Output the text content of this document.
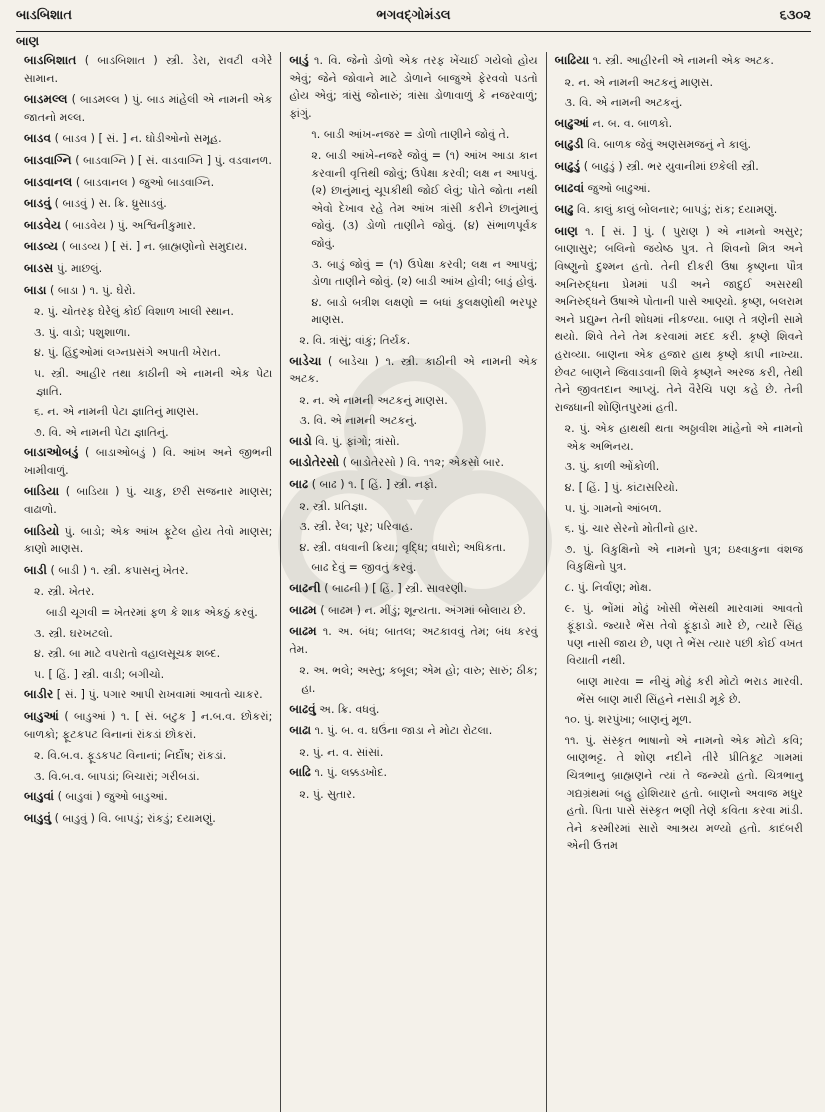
બાડબિશાત	ભગવદ્‌ગોમંડલ	૬૩૦૨
બાણ
બાડબિશાત ( બાડબિશાત ) સ્ત્રી. ડેરા, રાવટી વગેરે સામાન.
બાડમલ્લ ( બાડમલ્લ ) પું. બાડ માંહેલી એ નામની એક જાતનો મલ્લ.
બાડવ ( બાડવ ) [ સં. ] ન. ઘોડીઓનો સમૂહ.
બાડવાગ્નિ ( બાડવાગ્નિ ) [ સં. વાડવાગ્નિ ] પું. વડવાનળ.
બાડવાનલ ( બાડવાનલ ) જુઓ બાડવાગ્નિ.
બાડવું ( બાડવું ) સ. ક્રિ. ધ્રુસાડવું.
બાડવેય ( બાડવેય ) પું. અશ્વિનીકુમાર.
બાડવ્ય ( બાડવ્ય ) [ સં. ] ન. બ્રાહ્મણોનો સમુદાય.
બાડસ પું. માછલું.
બાડા ( બાડા ) ૧. પું. ઘેરો.
૨. પું. ચોતરફ ઘેરેલું કોઈ વિશાળ ખાલી સ્થાન.
૩. પું. વાડો; પશુશાળા.
૪. પું. હિંદુઓમાં લગ્નપ્રસંગે અપાતી ખેરાત.
૫. સ્ત્રી. આહીર તથા કાઠીની એ નામની એક પેટા જ્ઞાતિ.
૬. ન. એ નામની પેટા જ્ઞાતિનું માણસ.
૭. વિ. એ નામની પેટા જ્ઞાતિનું.
બાડાઓબડું ( બાડાઓબડું ) વિ. આંખ અને જીભની ખામીવાળું.
બાડિયા ( બાડિયા ) પું. ચાકુ, છરી સજનાર માણસ; વાઢાળો.
બાડિયો પું. બાડો; એક આંખ ફૂટેલ હોય તેવો માણસ; કાણો માણસ.
બાડી ( બાડી ) ૧. સ્ત્રી. કપાસનું ખેતર.
૨. સ્ત્રી. ખેતર.
બાડી ચૂગવી = ખેતરમાં ફળ કે શાક એકઠું કરવું.
૩. સ્ત્રી. ઘરખટલો.
૪. સ્ત્રી. બા માટે વપરાતો વહાલસૂચક શબ્દ.
૫. [ હિં. ] સ્ત્રી. વાડી; બગીચો.
બાડીર [ સં. ] પું. પગાર આપી રાખવામાં આવતો ચાકર.
બાડુઆં ( બાડુઆં ) ૧. [ સં. બટુક ] ન.બ.વ. છોકરાં; બાળકો; ફૂટકપટ વિનાનાં રાંકડાં છોકરાં.
૨. વિ.બ.વ. ફૂડકપટ વિનાનાં; નિર્દોષ; રાંકડાં.
૩. વિ.બ.વ. બાપડાં; બિચારાં; ગરીબડાં.
બાડુવાં ( બાડુવાં ) જુઓ બાડુઆં.
બાડુવું ( બાડુવું ) વિ. બાપડું; રાંકડું; દયામણું.
બાડું ૧. વિ. જેનો ડોળો એક તરફ ખેંચાઈ ગયેલો હોય એવું; જેને જોવાને માટે ડોળાને બાજુએ ફેરવવો પડતો હોય એવું; ત્રાંસું જોનારું; ત્રાંસા ડોળાવાળું કે નજરવાળું; ફાંગું.
૧. બાડી આંખ-નજર = ડોળો તાણીને જોવું તે.
૨. બાડી આંખે-નજરે જોવું = (૧) આંખ આડા કાન કરવાની વૃત્તિથી જોવું; ઉપેક્ષા કરવી; લક્ષ ન આપવું. (૨) છાનુંમાનું ચૂપકીથી જોઈ લેવું; પોતે જોતા નથી એવો દેખાવ રહે તેમ આંખ ત્રાંસી કરીને છાનુંમાનું જોવું. (૩) ડોળો તાણીને જોવું. (૪) સંભાળપૂર્વક જોવું.
૩. બાડું જોવું = (૧) ઉપેક્ષા કરવી; લક્ષ ન આપવું; ડોળા તાણીને જોવું. (૨) બાડી આંખ હોવી; બાડું હોવું.
૪. બાડો બત્રીશ લક્ષણો = બધાં કુલક્ષણોથી ભરપૂર માણસ.
૨. વિ. ત્રાંસું; વાંકું; તિર્યક.
બાડેચા ( બાડેચા ) ૧. સ્ત્રી. કાઠીની એ નામની એક અટક.
૨. ન. એ નામની અટકનું માણસ.
૩. વિ. એ નામની અટકનું.
બાડો વિ. પું. ફાંગો; ત્રાંસો.
બાડોતેરસો ( બાડોતેરસો ) વિ. ૧૧૨; એકસો બાર.
બાઢ ( બાઢ ) ૧. [ હિં. ] સ્ત્રી. નફો.
૨. સ્ત્રી. પ્રતિજ્ઞા.
૩. સ્ત્રી. રેલ; પૂર; પરિવાહ.
૪. સ્ત્રી. વધવાની ક્રિયા; વૃદ્ધિ; વધારો; અધિકતા.
બાઢ દેવું = જીવતું કરવું.
બાઢની ( બાઢની ) [ હિં. ] સ્ત્રી. સાવરણી.
બાઢમ ( બાઢમ ) ન. મીંડું; શૂન્યતા. અંગમાં બોલાય છે.
બાઢમ ૧. અ. બંધ; બાતલ; અટકાવવું તેમ; બંધ કરવું તેમ.
૨. અ. ભલે; અસ્તુ; કબૂલ; એમ હો; વારુ; સારું; ઠીક; હા.
બાઢવું અ. ક્રિ. વધવું.
બાઢા ૧. પું. બ. વ. ઘઉંના જાડા ને મોટા રોટલા.
૨. પું. ન. વ. સાંસાં.
બાઢિ ૧. પું. લક્કડખોદ.
૨. પું. સુતાર.
બાઢિયા ૧. સ્ત્રી. આહીરની એ નામની એક અટક.
૨. ન. એ નામની અટકનું માણસ.
૩. વિ. એ નામની અટકનું.
બાઢુઆં ન. બ. વ. બાળકો.
બાઢુડી વિ. બાળક જેવું અણસમજનું ને કાલું.
બાઢુડું ( બાઢુડું ) સ્ત્રી. ભર યુવાનીમાં છકેલી સ્ત્રી.
બાઢવાં જુઓ બાઢુઆં.
બાઢુ વિ. કાલું કાલું બોલનાર; બાપડું; રાંક; દયામણું.
બાણ ૧. [ સં. ] પું. ( પુરાણ ) એ નામનો અસુર; બાણાસુર; બલિનો જયેષ્ઠ પુત્ર. તે શિવનો મિત્ર અને વિષ્ણુનો દુશ્મન હતો. તેની દીકરી ઉષા કૃષ્ણના પૌત્ર અનિરુદ્ધના પ્રેમમાં પડી અને જાદુઈ અસરથી અનિરુદ્ધને ઉષાએ પોતાની પાસે આણ્યો. કૃષ્ણ, બલરામ અને પ્રદ્યુમ્ન તેની શોધમાં નીકળ્યા. બાણ તે ત્રણેની સામે થયો. શિવે તેને તેમ કરવામાં મદદ કરી. કૃષ્ણે શિવને હરાવ્યા. બાણના એક હજાર હાથ કૃષ્ણે કાપી નાખ્યા. છેવટ બાણને જિવાડવાની શિવે કૃષ્ણને અરજ કરી, તેથી તેને જીવતદાન આપ્યું. તેને વૈરેચિ પણ કહે છે. તેની રાજધાની શોણિતપુરમાં હતી.
૨. પું. એક હાથથી થતા અઠ્ઠાવીશ માંહેનો એ નામનો એક અભિનય.
૩. પું. કાળી ઓંકોળી.
૪. [ હિં. ] પું. કાંટાસરિયો.
૫. પું. ગામનો આંબળ.
૬. પું. ચાર સેરનો મોતીનો હાર.
૭. પું. વિકુક્ષિનો એ નામનો પુત્ર; ઇક્ષ્વાકુના વંશજ વિકુક્ષિનો પુત્ર.
૮. પું. નિર્વાણ; મોક્ષ.
૯. પું. ભોંમાં મોઢું ખોસી ભેંસથી મારવામાં આવતો ફૂંફાડો. જ્યારે ભેંસ તેવો ફૂંફાડો મારે છે, ત્યારે સિંહ પણ નાસી જાય છે, પણ તે ભેંસ ત્યાર પછી કોઈ વખત વિયાતી નથી.
બાણ મારવા = નીચું મોઢું કરી મોટો ભરાડ મારવી. ભેંસ બાણ મારી સિંહને નસાડી મૂકે છે.
૧૦. પું. શરપુંખા; બાણનું મૂળ.
૧૧. પું. સંસ્કૃત ભાષાનો એ નામનો એક મોટો કવિ; બાણભટ્ટ. તે શોણ નદીને તીરે પ્રીતિકૂટ ગામમાં ચિત્રભાનુ બ્રાહ્મણને ત્યાં તે જન્મ્યો હતો. ચિત્રભાનુ ગદ્યગ્રંથમાં બહુ હોશિયાર હતો. બાણનો અવાજ મધુર હતો. પિતા પાસે સંસ્કૃત ભણી તેણે કવિતા કરવા માંડી. તેને કસ્મીરમાં સારો આશ્રય મળ્યો હતો. કાદંબરી એની ઉત્તમ
